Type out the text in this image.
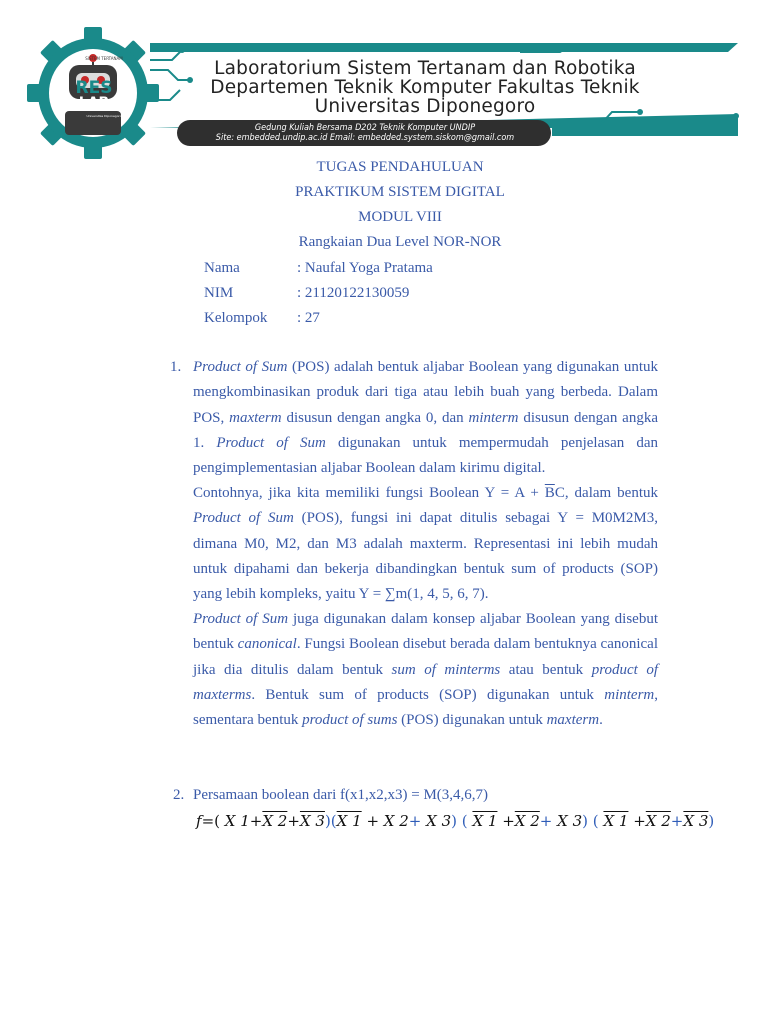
RES
LAB
SISTEM TERTANAM
Universitas Diponegoro
Laboratorium Sistem Tertanam dan Robotika
Departemen Teknik Komputer Fakultas Teknik
Universitas Diponegoro
Gedung Kuliah Bersama D202 Teknik Komputer UNDIP
Site: embedded.undip.ac.id Email: embedded.system.siskom@gmail.com
TUGAS PENDAHULUAN
PRAKTIKUM SISTEM DIGITAL
MODUL VIII
Rangkaian Dua Level NOR-NOR
Nama	: Naufal Yoga Pratama
NIM	: 21120122130059
Kelompok : 27
1. Product of Sum (POS) adalah bentuk aljabar Boolean yang digunakan untuk mengkombinasikan produk dari tiga atau lebih buah yang berbeda. Dalam POS, maxterm disusun dengan angka 0, dan minterm disusun dengan angka 1. Product of Sum digunakan untuk mempermudah penjelasan dan pengimplementasian aljabar Boolean dalam kirimu digital.
Contohnya, jika kita memiliki fungsi Boolean $Y = A + \overline{B}C$, dalam bentuk Product of Sum (POS), fungsi ini dapat ditulis sebagai Y = M0M2M3, dimana M0, M2, dan M3 adalah maxterm. Representasi ini lebih mudah untuk dipahami dan bekerja dibandingkan bentuk sum of products (SOP) yang lebih kompleks, yaitu Y = ∑m(1, 4, 5, 6, 7).
Product of Sum juga digunakan dalam konsep aljabar Boolean yang disebut bentuk canonical. Fungsi Boolean disebut berada dalam bentuknya canonical jika dia ditulis dalam bentuk sum of minterms atau bentuk product of maxterms. Bentuk sum of products (SOP) digunakan untuk minterm, sementara bentuk product of sums (POS) digunakan untuk maxterm.
2. Persamaan boolean dari f(x1,x2,x3) = M(3,4,6,7)
f=( X 1+X 2+X 3)(X 1 + X 2+ X 3) ( X 1 +X 2+ X 3) ( X 1 +X 2+X 3)
